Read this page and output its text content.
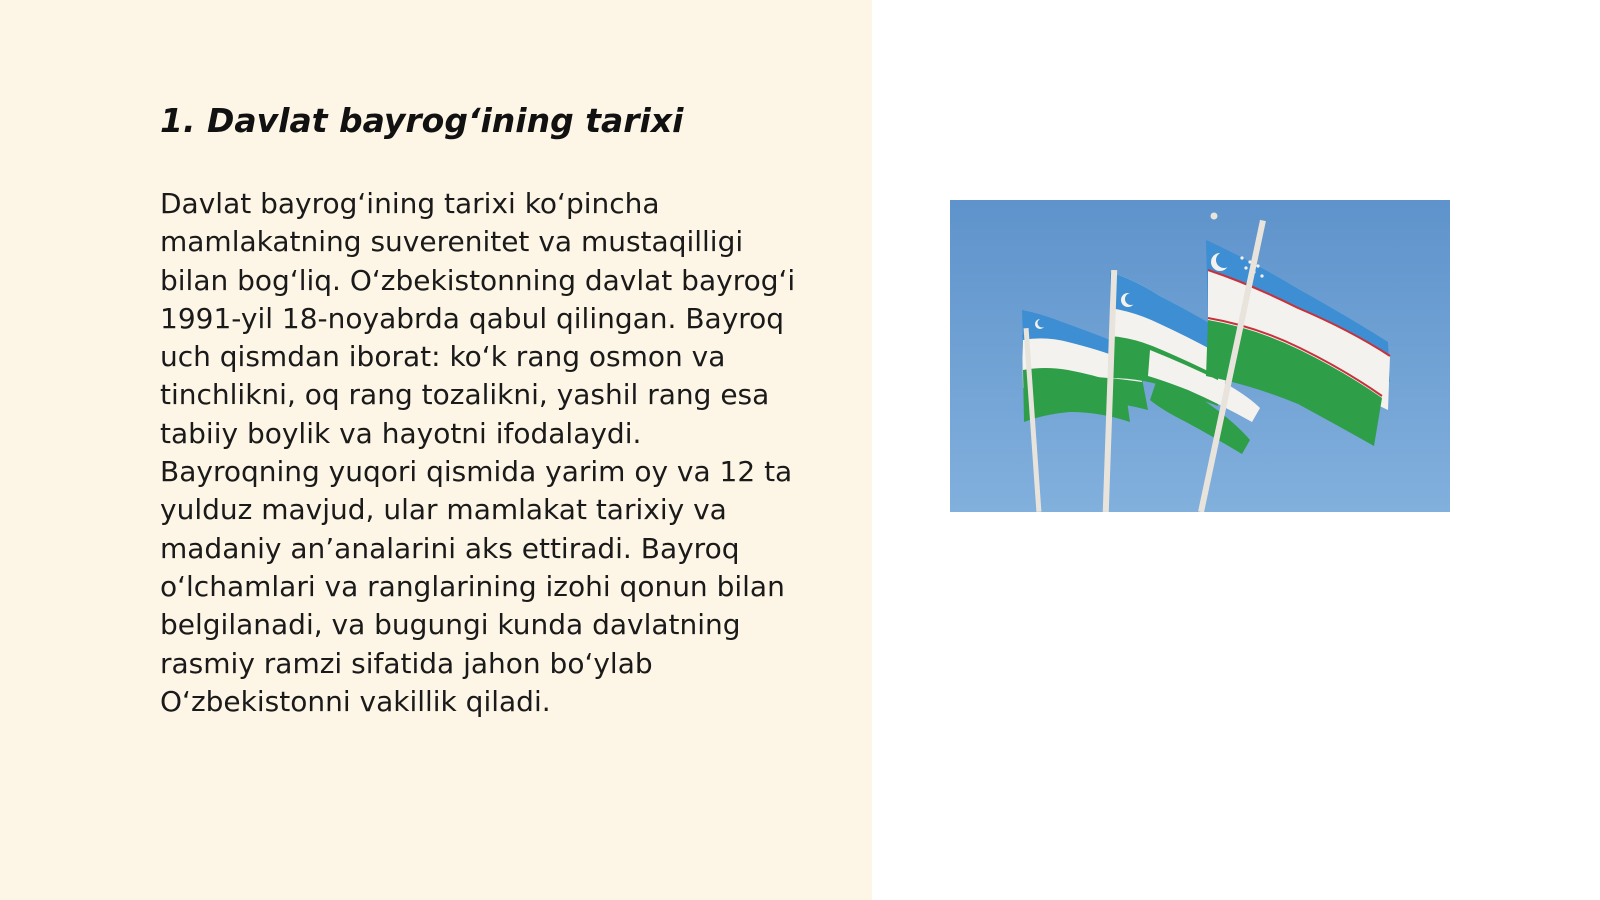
1. Davlat bayrog‘ining tarixi

Davlat bayrog‘ining tarixi ko‘pincha
mamlakatning suverenitet va mustaqilligi
bilan bog‘liq. O‘zbekistonning davlat bayrog‘i
1991-yil 18-noyabrda qabul qilingan. Bayroq
uch qismdan iborat: ko‘k rang osmon va
tinchlikni, oq rang tozalikni, yashil rang esa
tabiiy boylik va hayotni ifodalaydi.
Bayroqning yuqori qismida yarim oy va 12 ta
yulduz mavjud, ular mamlakat tarixiy va
madaniy an’analarini aks ettiradi. Bayroq
o‘lchamlari va ranglarining izohi qonun bilan
belgilanadi, va bugungi kunda davlatning
rasmiy ramzi sifatida jahon bo‘ylab
O‘zbekistonni vakillik qiladi.
